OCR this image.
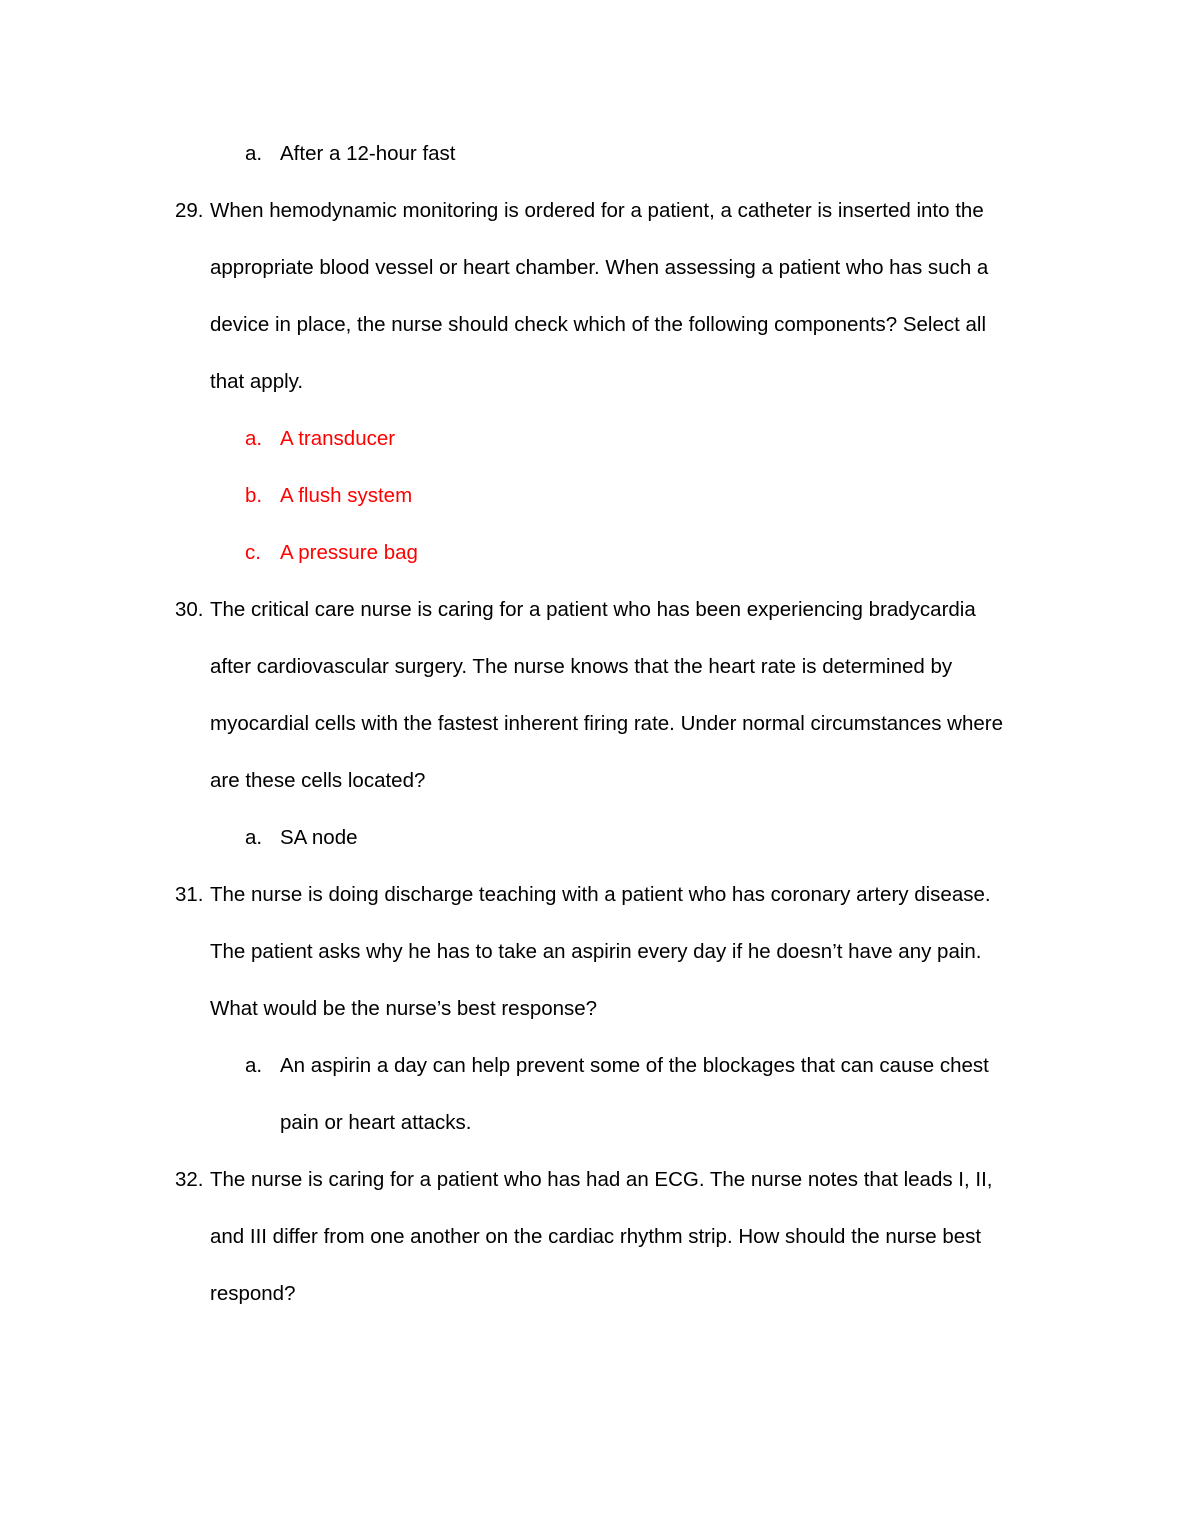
a. After a 12-hour fast
29. When hemodynamic monitoring is ordered for a patient, a catheter is inserted into the
appropriate blood vessel or heart chamber. When assessing a patient who has such a
device in place, the nurse should check which of the following components? Select all
that apply.
a. A transducer
b. A flush system
c. A pressure bag
30. The critical care nurse is caring for a patient who has been experiencing bradycardia
after cardiovascular surgery. The nurse knows that the heart rate is determined by
myocardial cells with the fastest inherent firing rate. Under normal circumstances where
are these cells located?
a. SA node
31. The nurse is doing discharge teaching with a patient who has coronary artery disease.
The patient asks why he has to take an aspirin every day if he doesn’t have any pain.
What would be the nurse’s best response?
a. An aspirin a day can help prevent some of the blockages that can cause chest
pain or heart attacks.
32. The nurse is caring for a patient who has had an ECG. The nurse notes that leads I, II,
and III differ from one another on the cardiac rhythm strip. How should the nurse best
respond?
